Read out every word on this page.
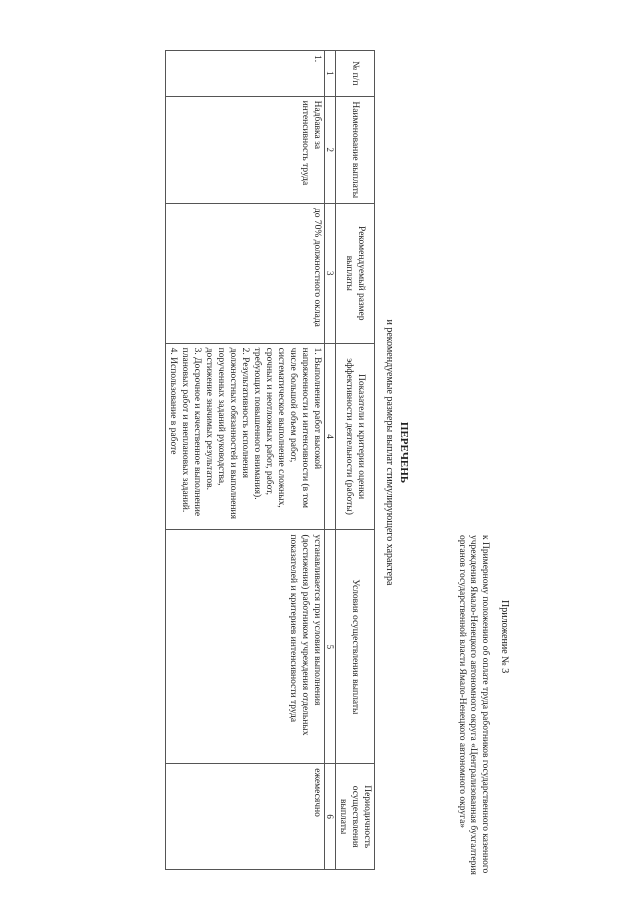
Приложение № 3
к Примерному положению об оплате труда работников государственного казенного учреждения Ямало-Ненецкого автономного округа «Централизованная бухгалтерия органов государственной власти Ямало-Ненецкого автономного округа»
ПЕРЕЧЕНЬ
и рекомендуемые размеры выплат стимулирующего характера
№ п/п	Наименование выплаты	Рекомендуемый размер выплаты	Показатели и критерии оценки эффективности деятельности (работы)	Условия осуществления выплаты	Периодичность осуществления выплаты
1	2	3	4	5	6
1.	Надбавка за интенсивность труда	до 70% должностного оклада	1. Выполнение работ высокой напряженности и интенсивности (в том числе большой объем работ, систематическое выполнение сложных, срочных и неотложных работ, работ, требующих повышенного внимания).
2. Результативность исполнения должностных обязанностей и выполнения порученных заданий руководства, достижение значимых результатов.
3. Досрочное и качественное выполнение плановых работ и внеплановых заданий.
4. Использование в работе	устанавливается при условии выполнения (достижения) работником учреждения отдельных показателей и критериев интенсивности труда	ежемесячно
